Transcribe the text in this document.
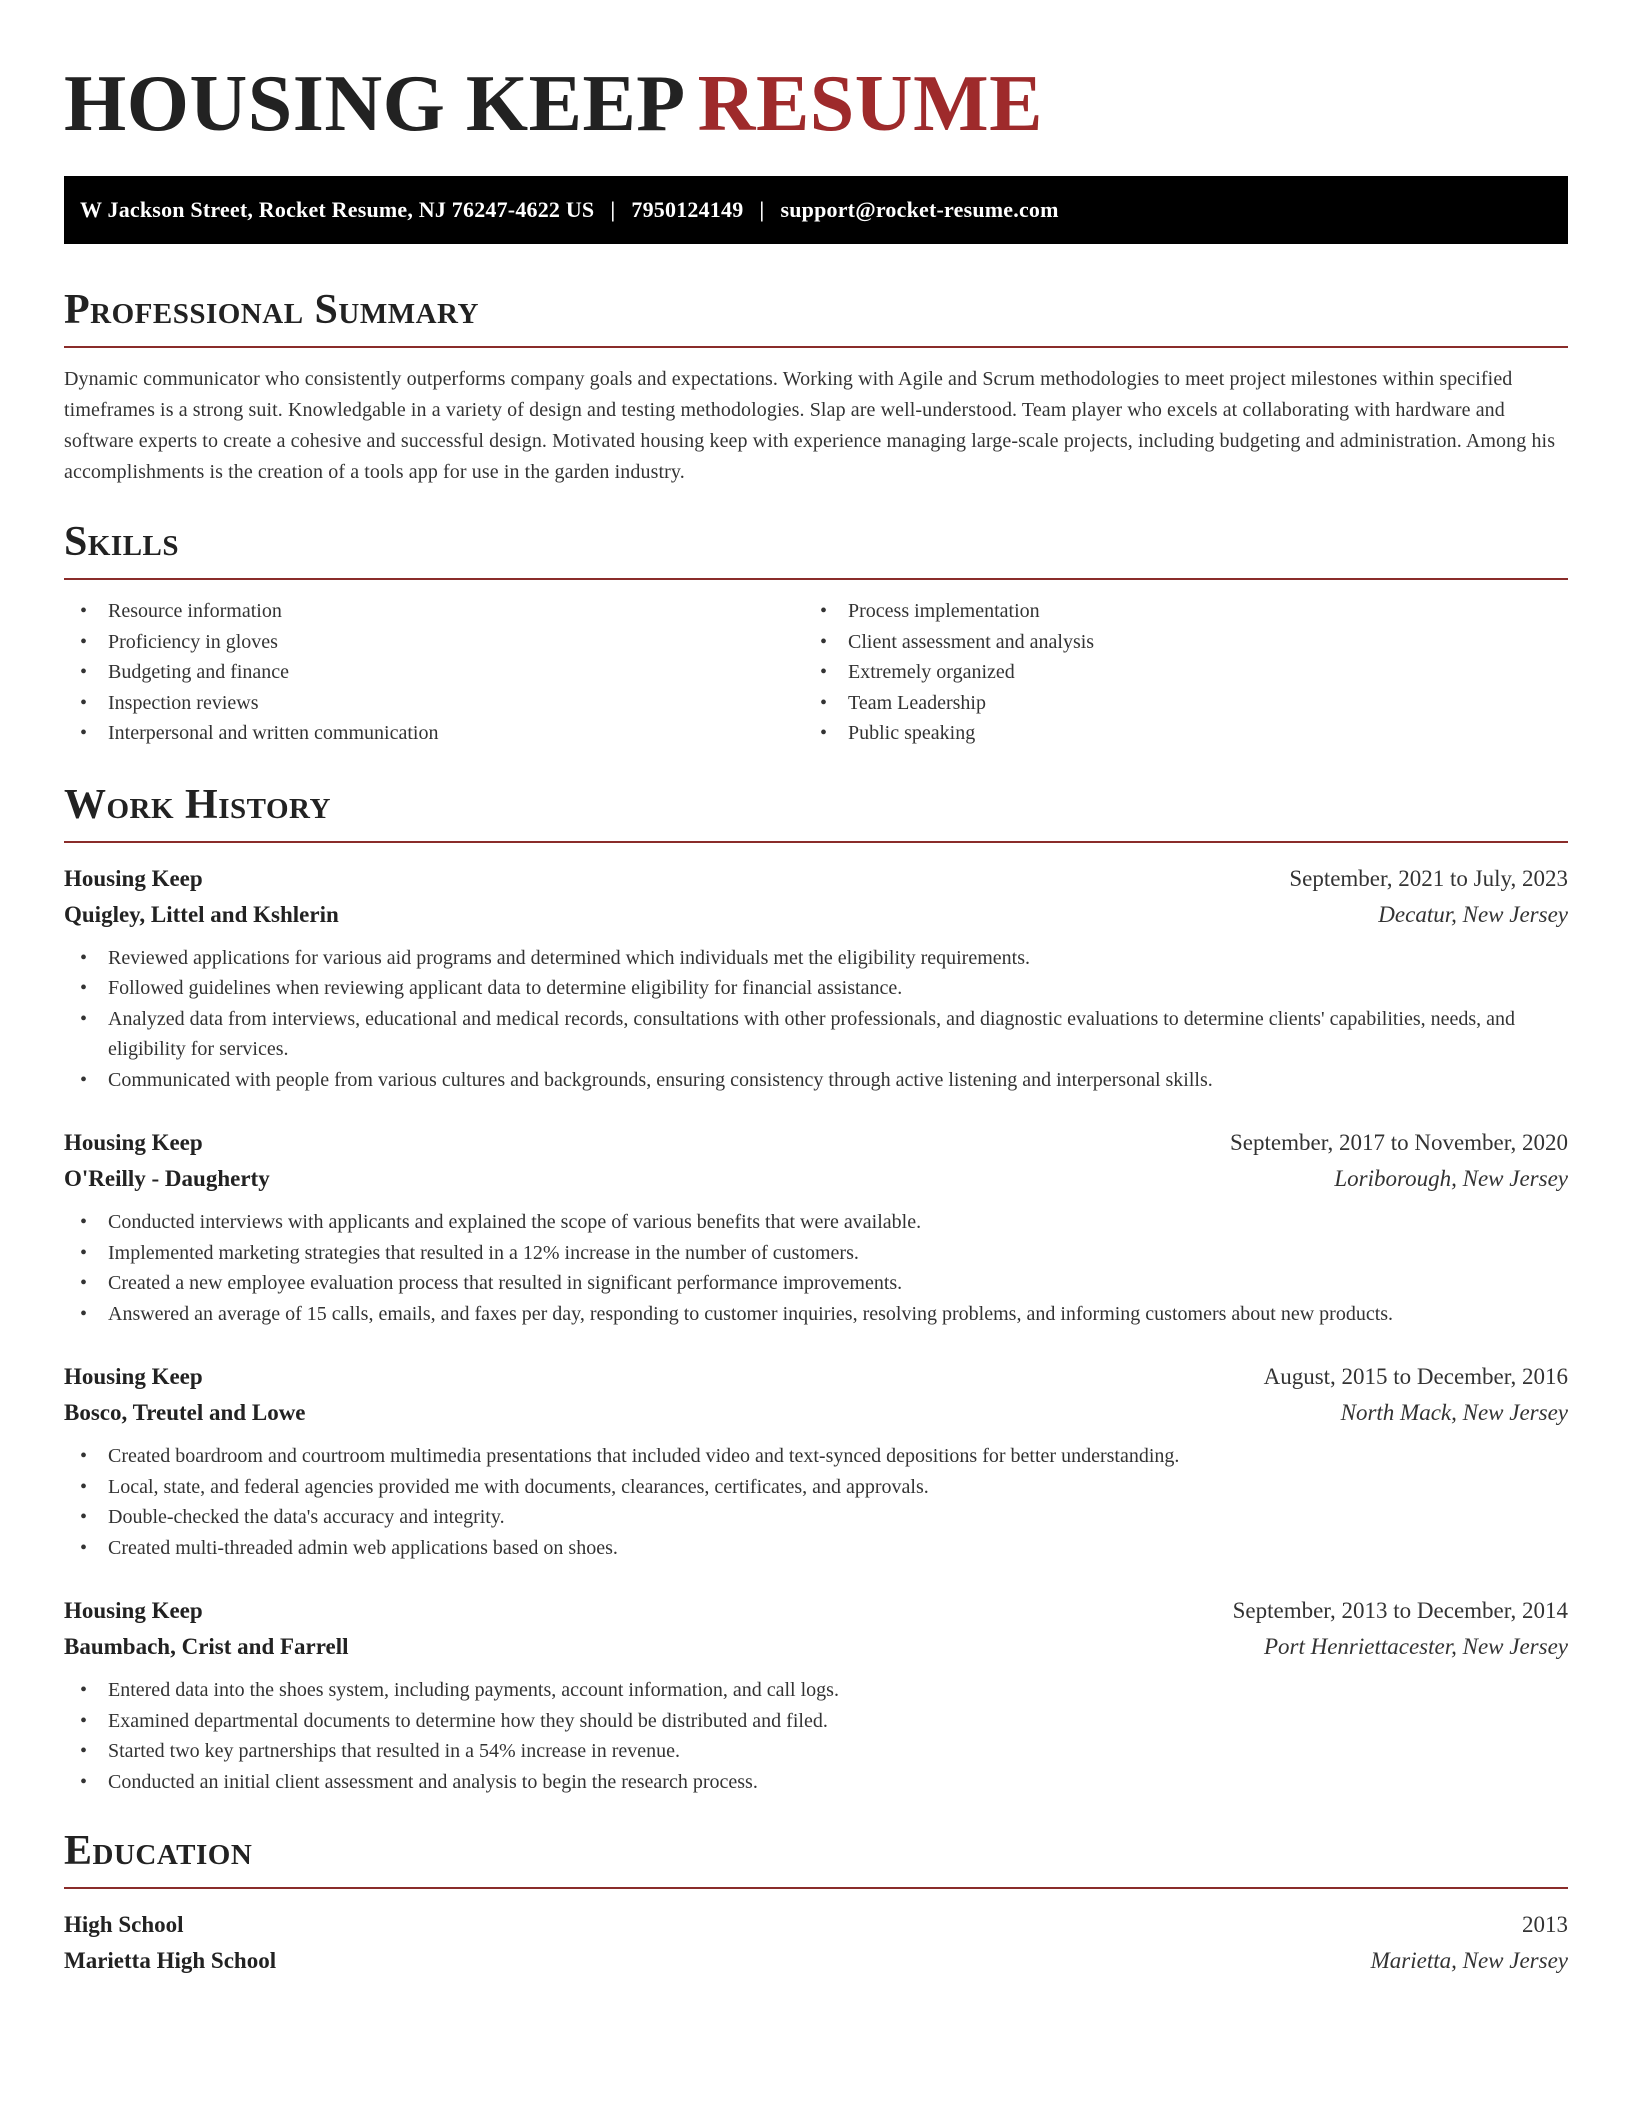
HOUSING KEEP RESUME
W Jackson Street, Rocket Resume, NJ 76247-4622 US | 7950124149 | support@rocket-resume.com
Professional Summary

Dynamic communicator who consistently outperforms company goals and expectations. Working with Agile and Scrum methodologies to meet project milestones within specified timeframes is a strong suit. Knowledgable in a variety of design and testing methodologies. Slap are well-understood. Team player who excels at collaborating with hardware and software experts to create a cohesive and successful design. Motivated housing keep with experience managing large-scale projects, including budgeting and administration. Among his accomplishments is the creation of a tools app for use in the garden industry.

Skills
• Resource information
• Proficiency in gloves
• Budgeting and finance
• Inspection reviews
• Interpersonal and written communication
• Process implementation
• Client assessment and analysis
• Extremely organized
• Team Leadership
• Public speaking
Work History
Housing Keep	September, 2021 to July, 2023
Quigley, Littel and Kshlerin	Decatur, New Jersey
• Reviewed applications for various aid programs and determined which individuals met the eligibility requirements.
• Followed guidelines when reviewing applicant data to determine eligibility for financial assistance.
• Analyzed data from interviews, educational and medical records, consultations with other professionals, and diagnostic evaluations to determine clients' capabilities, needs, and eligibility for services.
• Communicated with people from various cultures and backgrounds, ensuring consistency through active listening and interpersonal skills.
Housing Keep	September, 2017 to November, 2020
O'Reilly - Daugherty	Loriborough, New Jersey
• Conducted interviews with applicants and explained the scope of various benefits that were available.
• Implemented marketing strategies that resulted in a 12% increase in the number of customers.
• Created a new employee evaluation process that resulted in significant performance improvements.
• Answered an average of 15 calls, emails, and faxes per day, responding to customer inquiries, resolving problems, and informing customers about new products.
Housing Keep	August, 2015 to December, 2016
Bosco, Treutel and Lowe	North Mack, New Jersey
• Created boardroom and courtroom multimedia presentations that included video and text-synced depositions for better understanding.
• Local, state, and federal agencies provided me with documents, clearances, certificates, and approvals.
• Double-checked the data's accuracy and integrity.
• Created multi-threaded admin web applications based on shoes.
Housing Keep	September, 2013 to December, 2014
Baumbach, Crist and Farrell	Port Henriettacester, New Jersey
• Entered data into the shoes system, including payments, account information, and call logs.
• Examined departmental documents to determine how they should be distributed and filed.
• Started two key partnerships that resulted in a 54% increase in revenue.
• Conducted an initial client assessment and analysis to begin the research process.
Education
High School	2013
Marietta High School	Marietta, New Jersey
